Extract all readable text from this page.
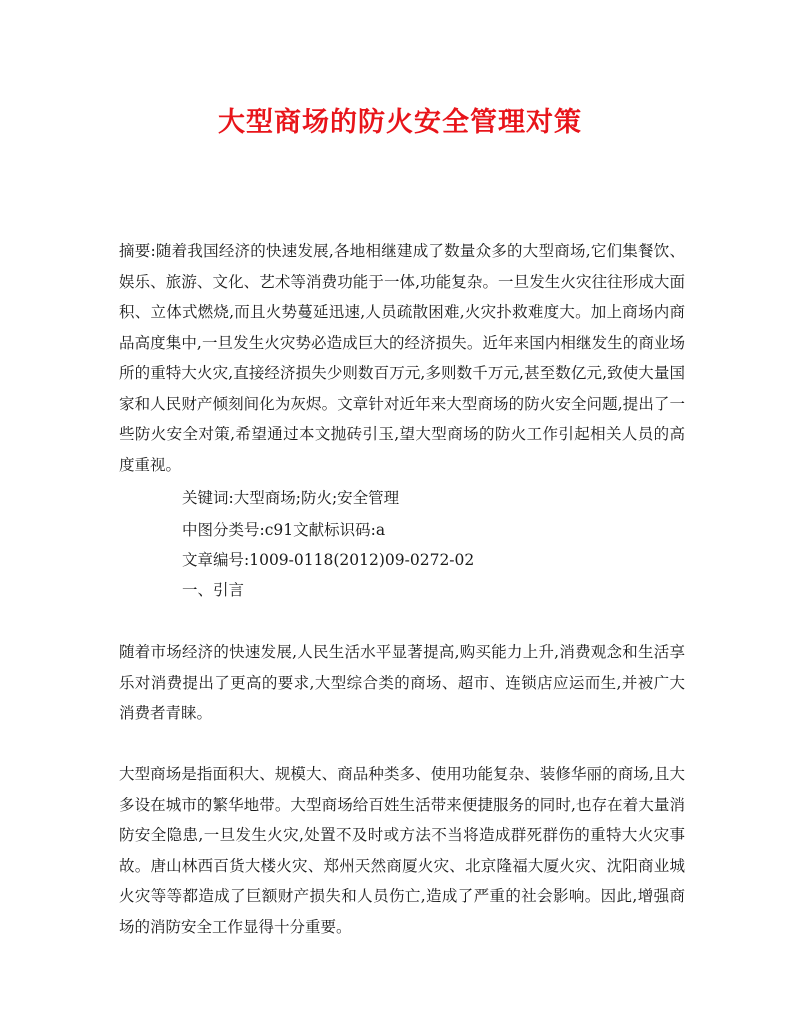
大型商场的防火安全管理对策

摘要:随着我国经济的快速发展,各地相继建成了数量众多的大型商场,它们集餐饮、娱乐、旅游、文化、艺术等消费功能于一体,功能复杂。一旦发生火灾往往形成大面积、立体式燃烧,而且火势蔓延迅速,人员疏散困难,火灾扑救难度大。加上商场内商品高度集中,一旦发生火灾势必造成巨大的经济损失。近年来国内相继发生的商业场所的重特大火灾,直接经济损失少则数百万元,多则数千万元,甚至数亿元,致使大量国家和人民财产倾刻间化为灰烬。文章针对近年来大型商场的防火安全问题,提出了一些防火安全对策,希望通过本文抛砖引玉,望大型商场的防火工作引起相关人员的高度重视。

关键词:大型商场;防火;安全管理

中图分类号:c91文献标识码:a

文章编号:1009-0118(2012)09-0272-02

一、引言

随着市场经济的快速发展,人民生活水平显著提高,购买能力上升,消费观念和生活享乐对消费提出了更高的要求,大型综合类的商场、超市、连锁店应运而生,并被广大消费者青睐。

大型商场是指面积大、规模大、商品种类多、使用功能复杂、装修华丽的商场,且大多设在城市的繁华地带。大型商场给百姓生活带来便捷服务的同时,也存在着大量消防安全隐患,一旦发生火灾,处置不及时或方法不当将造成群死群伤的重特大火灾事故。唐山林西百货大楼火灾、郑州天然商厦火灾、北京隆福大厦火灾、沈阳商业城火灾等等都造成了巨额财产损失和人员伤亡,造成了严重的社会影响。因此,增强商场的消防安全工作显得十分重要。
